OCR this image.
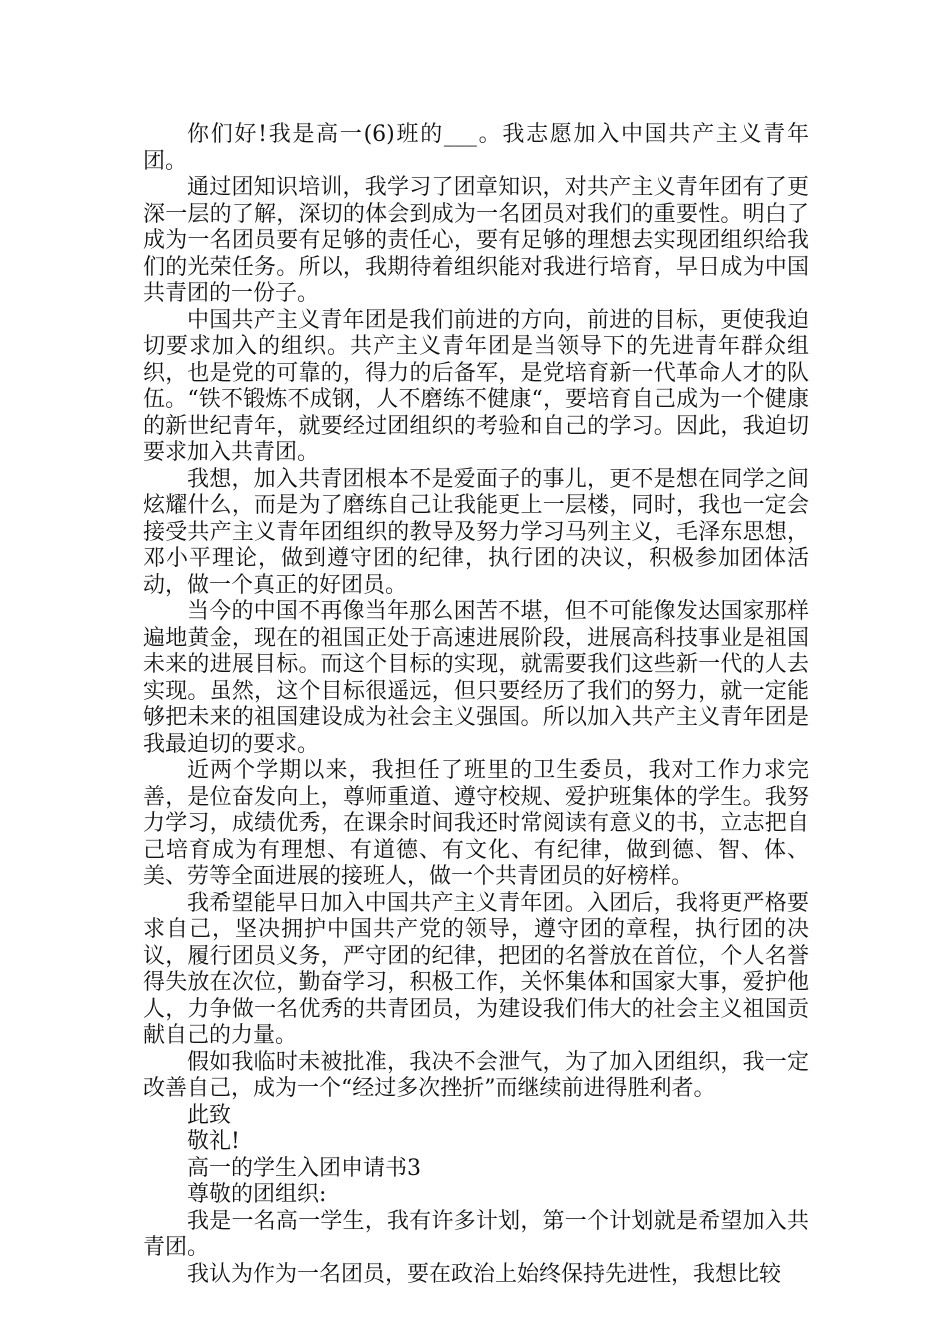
你们好!我是高一(6)班的___。我志愿加入中国共产主义青年团。

通过团知识培训，我学习了团章知识，对共产主义青年团有了更深一层的了解，深切的体会到成为一名团员对我们的重要性。明白了成为一名团员要有足够的责任心，要有足够的理想去实现团组织给我们的光荣任务。所以，我期待着组织能对我进行培育，早日成为中国共青团的一份子。

中国共产主义青年团是我们前进的方向，前进的目标，更使我迫切要求加入的组织。共产主义青年团是当领导下的先进青年群众组织，也是党的可靠的，得力的后备军，是党培育新一代革命人才的队伍。“铁不锻炼不成钢，人不磨练不健康“，要培育自己成为一个健康的新世纪青年，就要经过团组织的考验和自己的学习。因此，我迫切要求加入共青团。

我想，加入共青团根本不是爱面子的事儿，更不是想在同学之间炫耀什么，而是为了磨练自己让我能更上一层楼，同时，我也一定会接受共产主义青年团组织的教导及努力学习马列主义，毛泽东思想，邓小平理论，做到遵守团的纪律，执行团的决议，积极参加团体活动，做一个真正的好团员。

当今的中国不再像当年那么困苦不堪，但不可能像发达国家那样遍地黄金，现在的祖国正处于高速进展阶段，进展高科技事业是祖国未来的进展目标。而这个目标的实现，就需要我们这些新一代的人去实现。虽然，这个目标很遥远，但只要经历了我们的努力，就一定能够把未来的祖国建设成为社会主义强国。所以加入共产主义青年团是我最迫切的要求。

近两个学期以来，我担任了班里的卫生委员，我对工作力求完善，是位奋发向上，尊师重道、遵守校规、爱护班集体的学生。我努力学习，成绩优秀，在课余时间我还时常阅读有意义的书，立志把自己培育成为有理想、有道德、有文化、有纪律，做到德、智、体、美、劳等全面进展的接班人，做一个共青团员的好榜样。

我希望能早日加入中国共产主义青年团。入团后，我将更严格要求自己，坚决拥护中国共产党的领导，遵守团的章程，执行团的决议，履行团员义务，严守团的纪律，把团的名誉放在首位，个人名誉得失放在次位，勤奋学习，积极工作，关怀集体和国家大事，爱护他人，力争做一名优秀的共青团员，为建设我们伟大的社会主义祖国贡献自己的力量。

假如我临时未被批准，我决不会泄气，为了加入团组织，我一定改善自己，成为一个“经过多次挫折”而继续前进得胜利者。

此致

敬礼!

高一的学生入团申请书3

尊敬的团组织:

我是一名高一学生，我有许多计划，第一个计划就是希望加入共青团。

我认为作为一名团员，要在政治上始终保持先进性，我想比较
